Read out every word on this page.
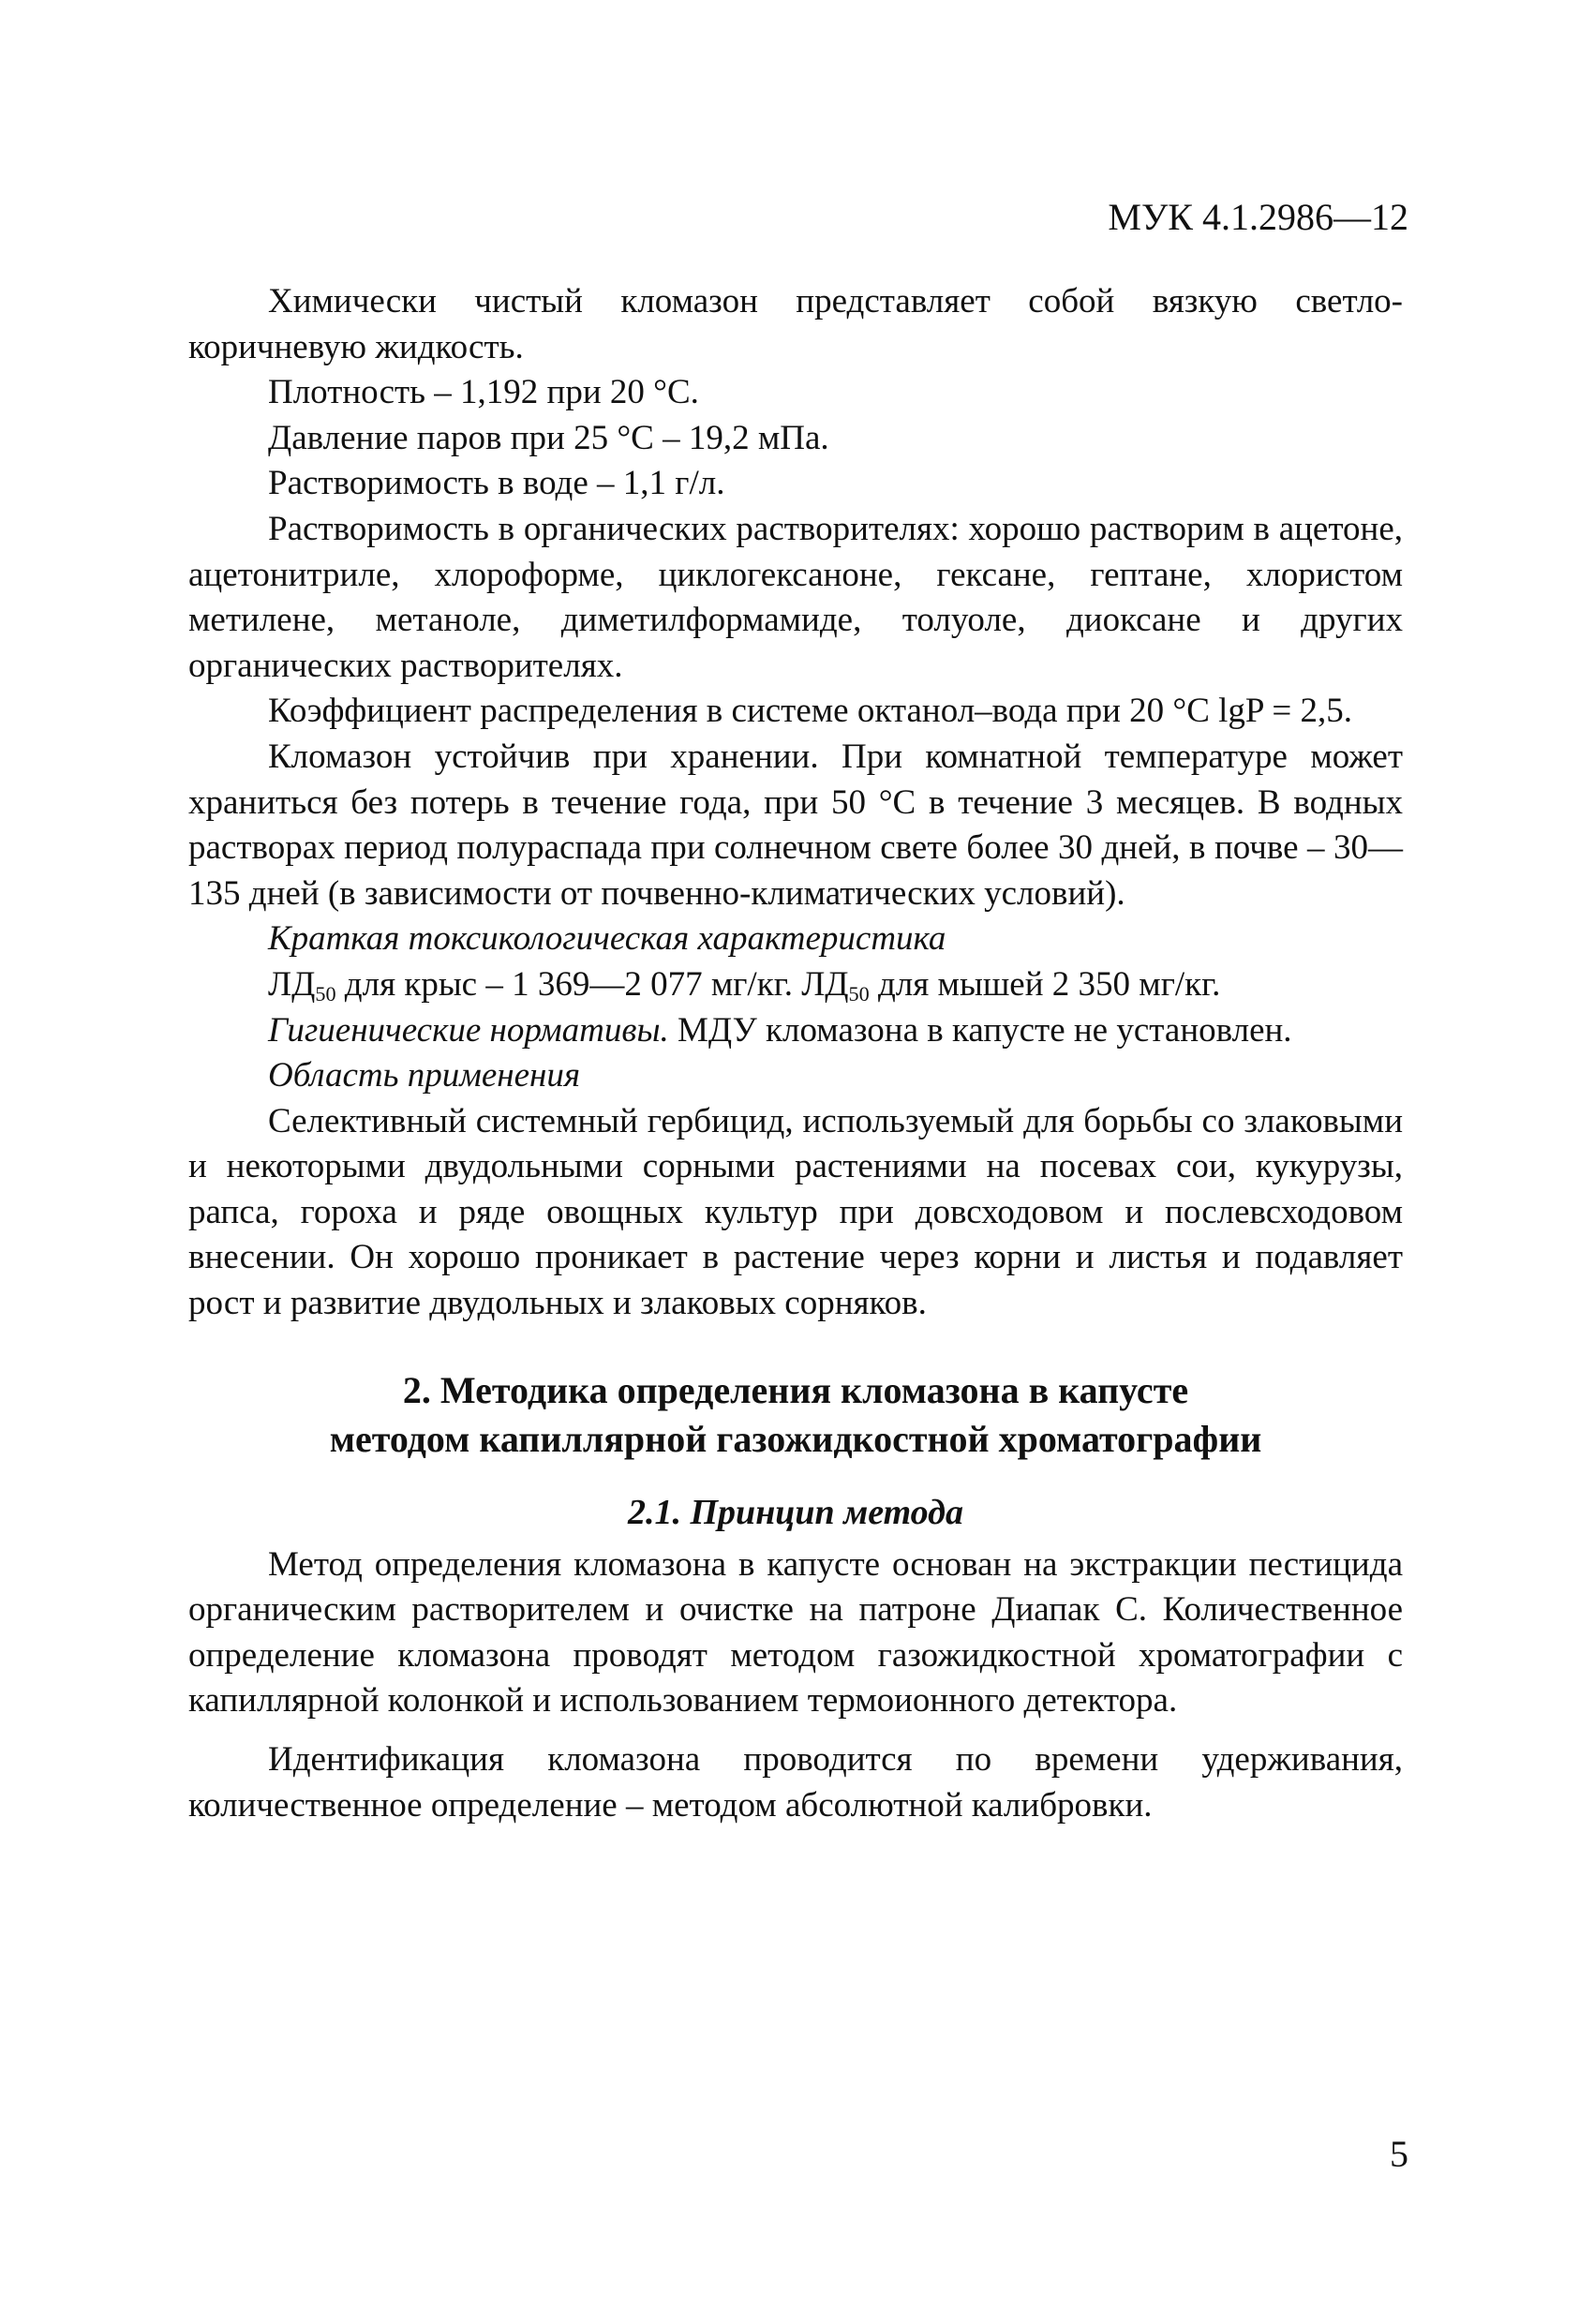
МУК 4.1.2986—12

Химически чистый кломазон представляет собой вязкую светло-коричневую жидкость.

Плотность – 1,192 при 20 °С.

Давление паров при 25 °С – 19,2 мПа.

Растворимость в воде – 1,1 г/л.

Растворимость в органических растворителях: хорошо растворим в ацетоне, ацетонитриле, хлороформе, циклогексаноне, гексане, гептане, хлористом метилене, метаноле, диметилформамиде, толуоле, диоксане и других органических растворителях.

Коэффициент распределения в системе октанол–вода при 20 °С lgP = 2,5.

Кломазон устойчив при хранении. При комнатной температуре может храниться без потерь в течение года, при 50 °С в течение 3 месяцев. В водных растворах период полураспада при солнечном свете более 30 дней, в почве – 30—135 дней (в зависимости от почвенно-климатических условий).

Краткая токсикологическая характеристика

$ЛД_{50}$ для крыс – 1 369—2 077 мг/кг. $ЛД_{50}$ для мышей 2 350 мг/кг.

Гигиенические нормативы. МДУ кломазона в капусте не установлен.

Область применения

Селективный системный гербицид, используемый для борьбы со злаковыми и некоторыми двудольными сорными растениями на посевах сои, кукурузы, рапса, гороха и ряде овощных культур при довсходовом и послевсходовом внесении. Он хорошо проникает в растение через корни и листья и подавляет рост и развитие двудольных и злаковых сорняков.

2. Методика определения кломазона в капусте
методом капиллярной газожидкостной хроматографии
2.1. Принцип метода

Метод определения кломазона в капусте основан на экстракции пестицида органическим растворителем и очистке на патроне Диапак С. Количественное определение кломазона проводят методом газожидкостной хроматографии с капиллярной колонкой и использованием термоионного детектора.

Идентификация кломазона проводится по времени удерживания, количественное определение – методом абсолютной калибровки.

5
